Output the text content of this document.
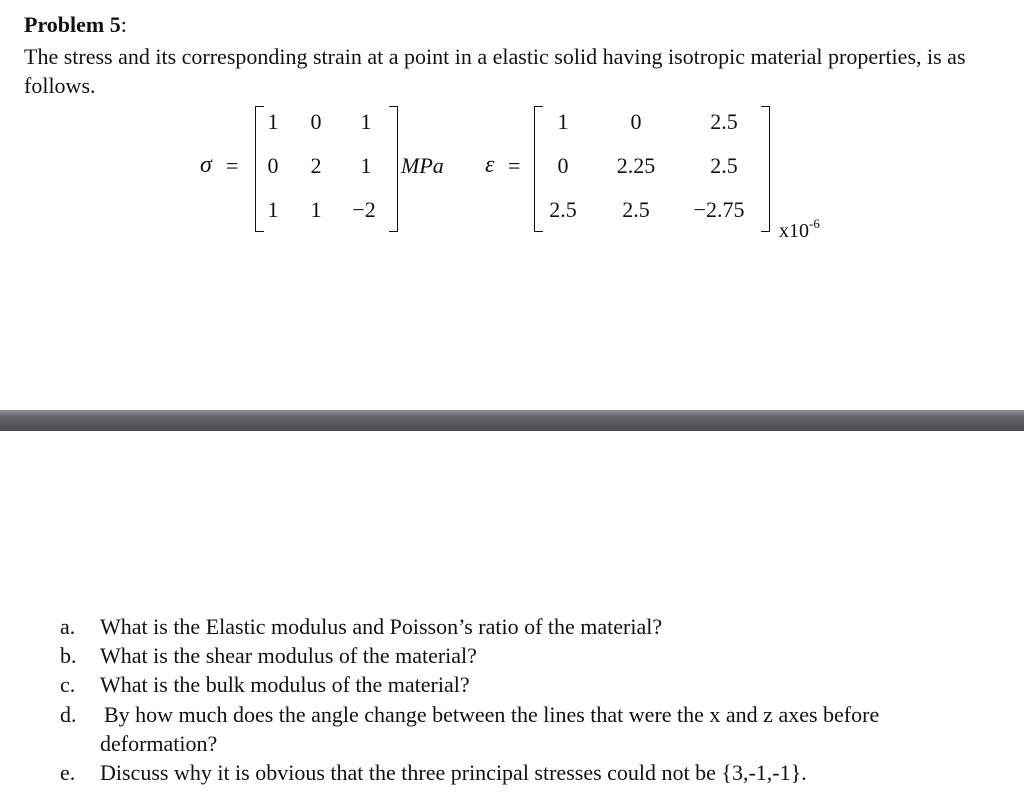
Problem 5:
The stress and its corresponding strain at a point in a elastic solid having isotropic material properties, is as follows.
σ =
1	0	1
0	2	1
1	1	−2
MPa ε =
1	0	2.5
0	2.25	2.5
2.5	2.5	−2.75
$x10^{-6}$
a. What is the Elastic modulus and Poisson’s ratio of the material?
b. What is the shear modulus of the material?
c. What is the bulk modulus of the material?
d. By how much does the angle change between the lines that were the x and z axes before
deformation?
e. Discuss why it is obvious that the three principal stresses could not be {3,-1,-1}.
